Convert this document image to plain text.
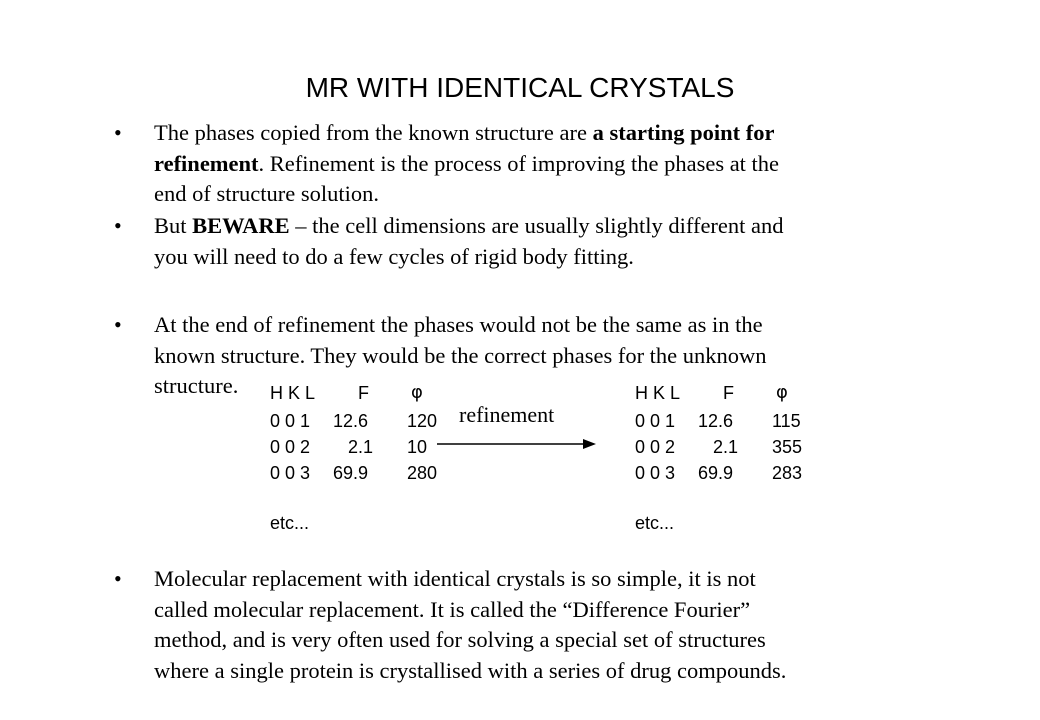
MR WITH IDENTICAL CRYSTALS
• The phases copied from the known structure are a starting point for
refinement. Refinement is the process of improving the phases at the
end of structure solution.
• But BEWARE – the cell dimensions are usually slightly different and
you will need to do a few cycles of rigid body fitting.
• At the end of refinement the phases would not be the same as in the
known structure. They would be the correct phases for the unknown
structure.	H K L F φ
0 0 1 12.6 120
0 0 2 2.1 10
0 0 3 69.9 280
etc...
refinement
H K L F φ
0 0 1 12.6 115
0 0 2 2.1 355
0 0 3 69.9 283
etc...
• Molecular replacement with identical crystals is so simple, it is not
called molecular replacement. It is called the “Difference Fourier”
method, and is very often used for solving a special set of structures
where a single protein is crystallised with a series of drug compounds.
